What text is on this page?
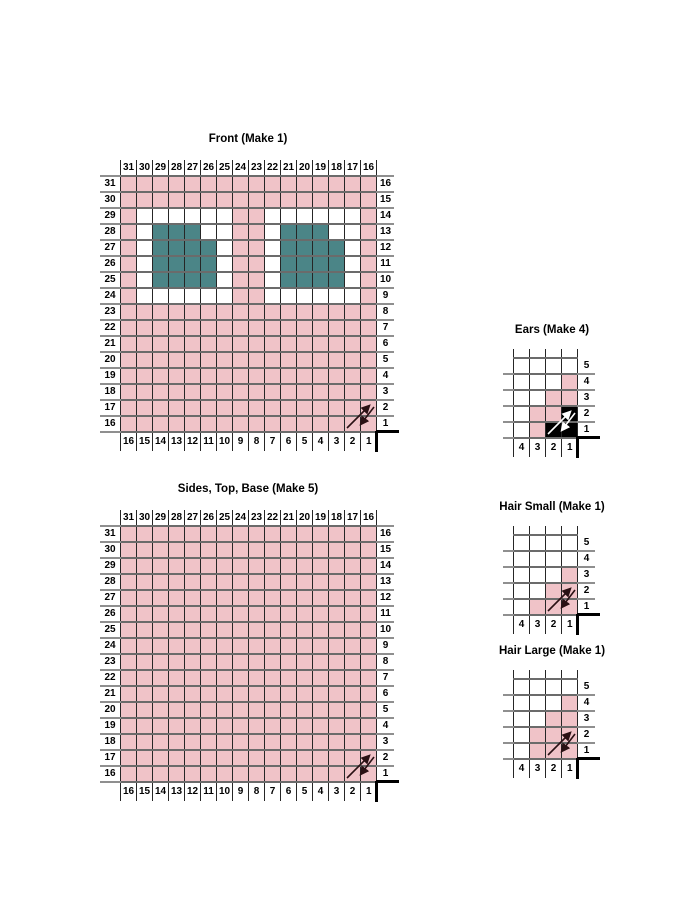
Front (Make 1)
	31	30	29	28	27	26	25	24	23	22	21	20	19	18	17	16	
31																	16
30																	15
29																	14
28																	13
27																	12
26																	11
25																	10
24																	9
23																	8
22																	7
21																	6
20																	5
19																	4
18																	3
17																	2
16																	1
	16	15	14	13	12	11	10	9	8	7	6	5	4	3	2	1	
Sides, Top, Base (Make 5)
	31	30	29	28	27	26	25	24	23	22	21	20	19	18	17	16	
31																	16
30																	15
29																	14
28																	13
27																	12
26																	11
25																	10
24																	9
23																	8
22																	7
21																	6
20																	5
19																	4
18																	3
17																	2
16																	1
	16	15	14	13	12	11	10	9	8	7	6	5	4	3	2	1	
Ears (Make 4)

					5
					4
					3
					2
					1
	4	3	2	1	
Hair Small (Make 1)

					5
					4
					3
					2
					1
	4	3	2	1	
Hair Large (Make 1)

					5
					4
					3
					2
					1
	4	3	2	1	
